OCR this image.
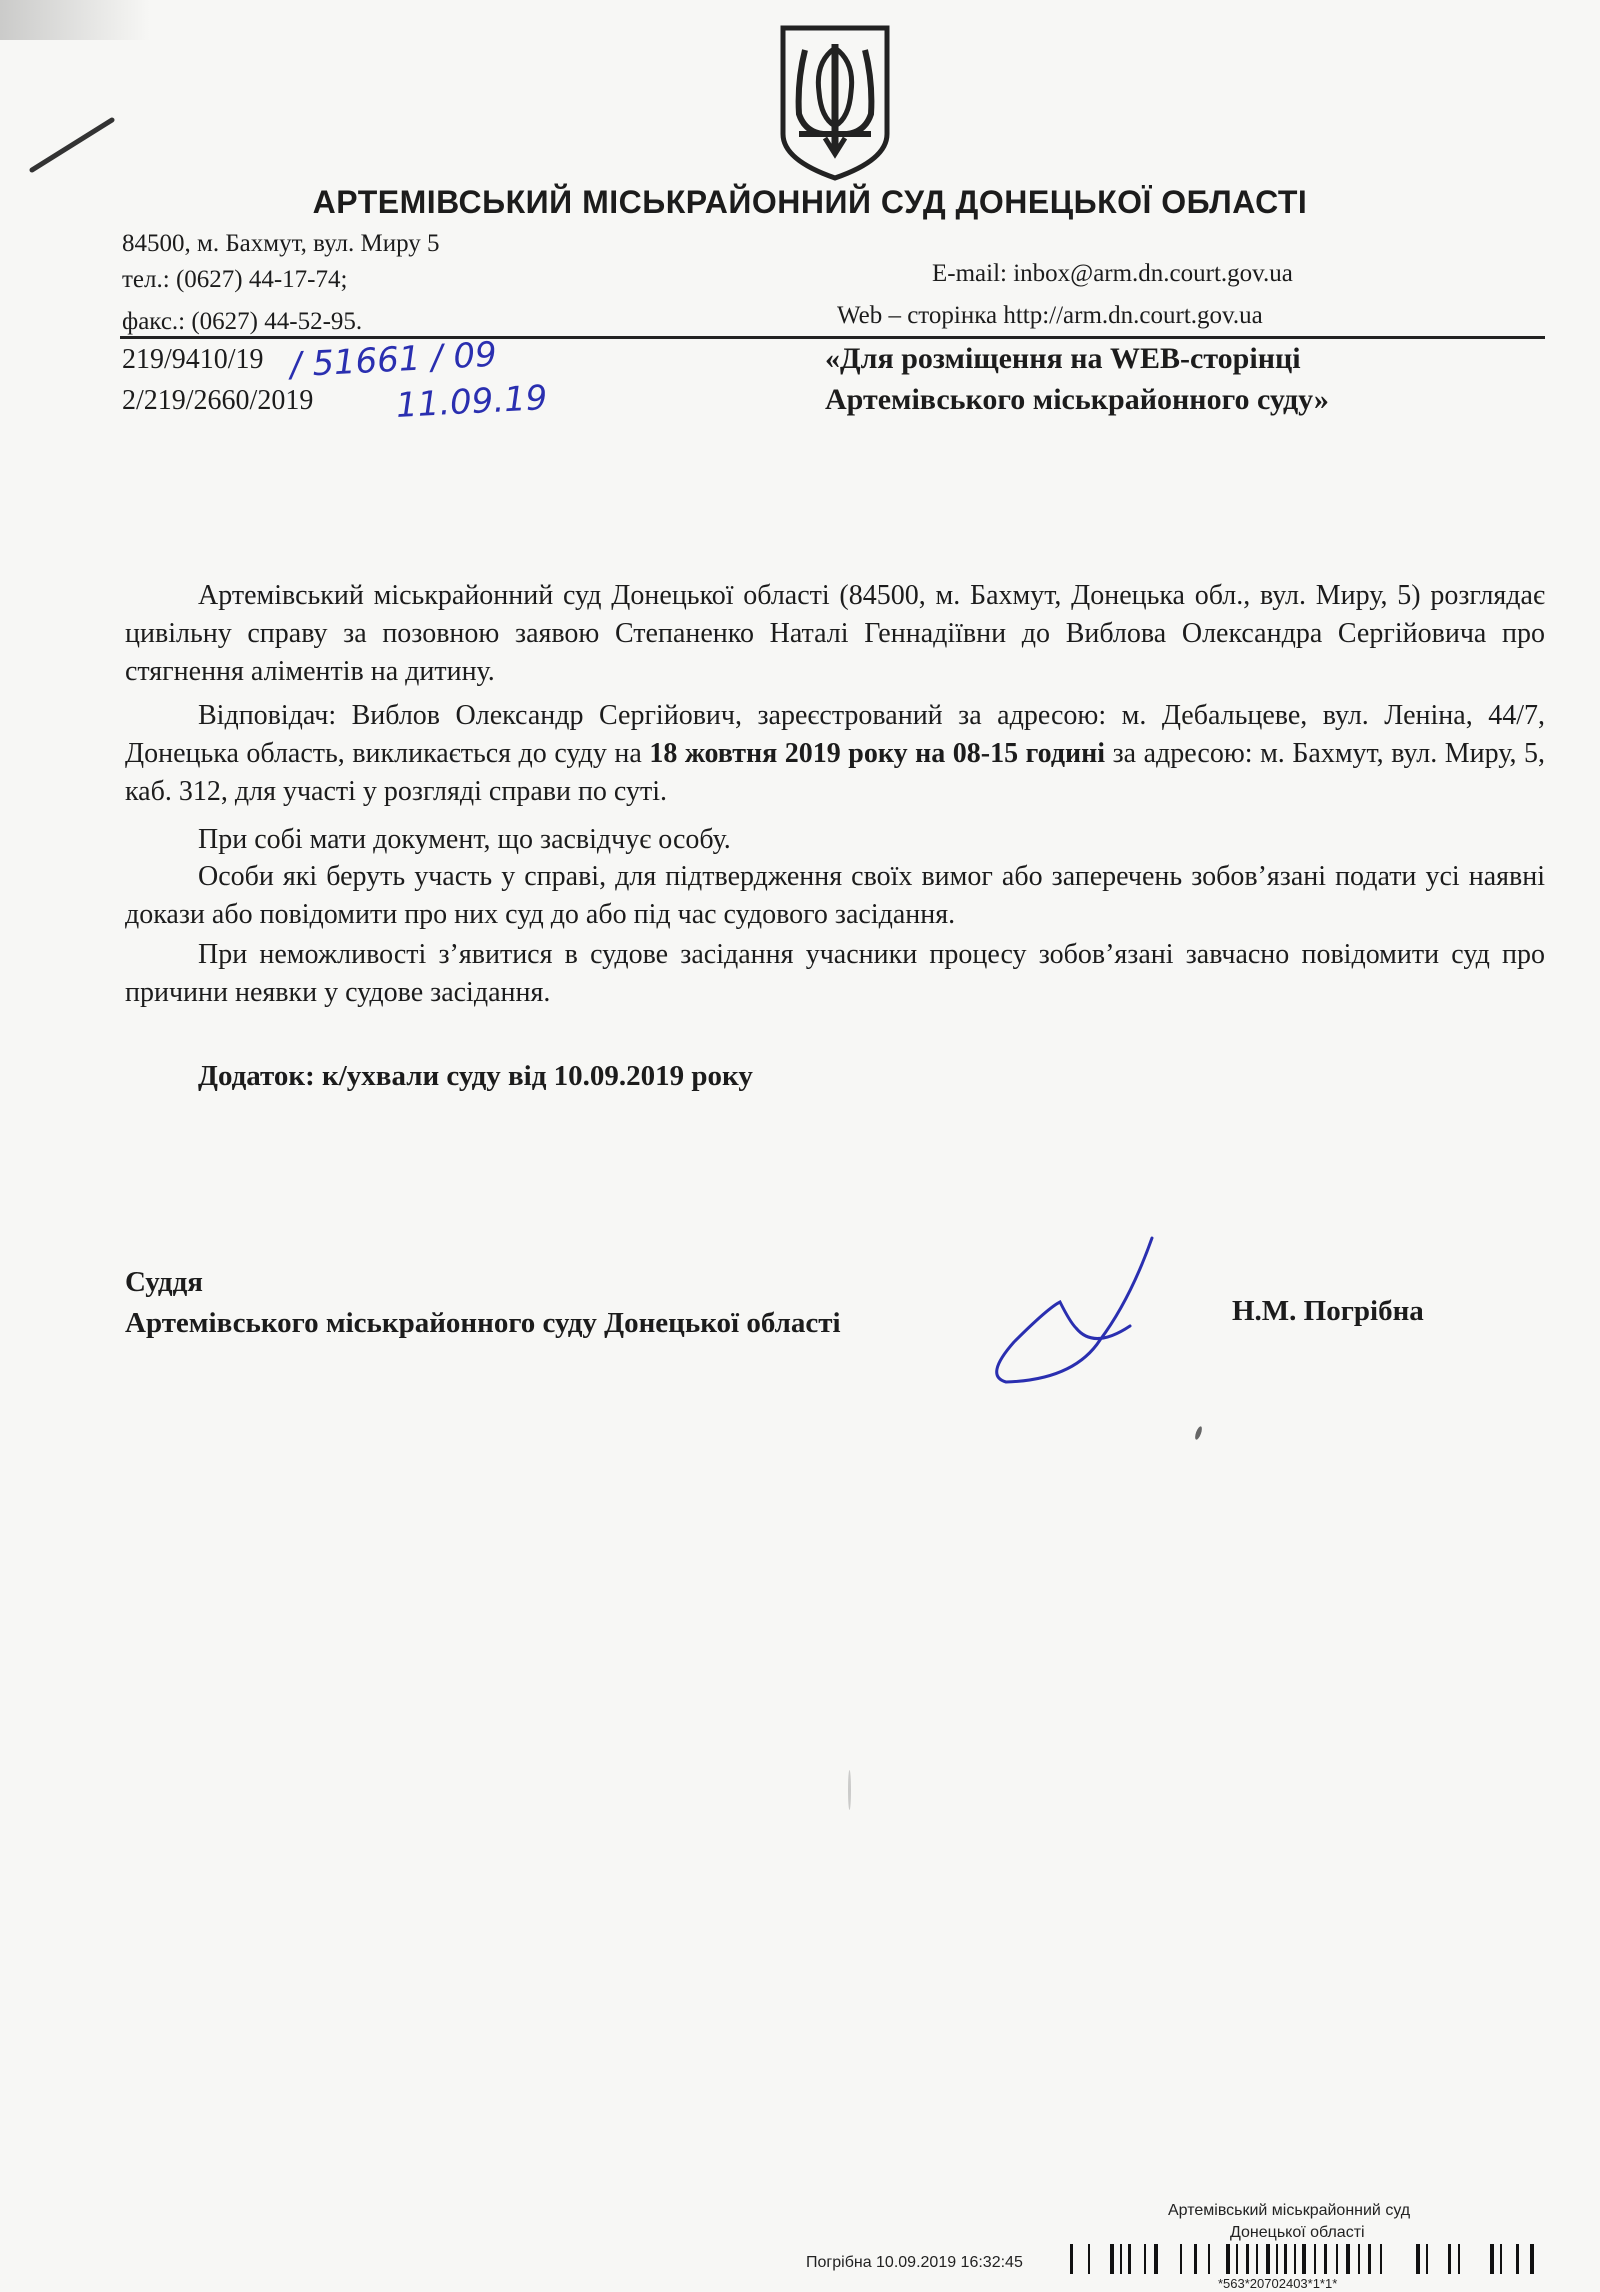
АРТЕМІВСЬКИЙ МІСЬКРАЙОННИЙ СУД ДОНЕЦЬКОЇ ОБЛАСТІ
84500, м. Бахмут, вул. Миру 5
тел.: (0627) 44-17-74;
факс.: (0627) 44-52-95.
E-mail: inbox@arm.dn.court.gov.ua
Web – сторінка http://arm.dn.court.gov.ua
219/9410/19
2/219/2660/2019
/ 51661 / 09
11.09.19
«Для розміщення на WEB-сторінці
Артемівського міськрайонного суду»
Артемівський міськрайонний суд Донецької області (84500, м. Бахмут, Донецька обл., вул. Миру, 5) розглядає цивільну справу за позовною заявою Степаненко Наталі Геннадіївни до Виблова Олександра Сергійовича про стягнення аліментів на дитину.
Відповідач: Виблов Олександр Сергійович, зареєстрований за адресою: м. Дебальцеве, вул. Леніна, 44/7, Донецька область, викликається до суду на 18 жовтня 2019 року на 08-15 годині за адресою: м. Бахмут, вул. Миру, 5, каб. 312, для участі у розгляді справи по суті.
При собі мати документ, що засвідчує особу.
Особи які беруть участь у справі, для підтвердження своїх вимог або заперечень зобов’язані подати усі наявні докази або повідомити про них суд до або під час судового засідання.
При неможливості з’явитися в судове засідання учасники процесу зобов’язані завчасно повідомити суд про причини неявки у судове засідання.
Додаток: к/ухвали суду від 10.09.2019 року
Суддя
Артемівського міськрайонного суду Донецької області	Н.М. Погрібна
Артемівський міськрайонний суд
Донецької області
Погрібна 10.09.2019 16:32:45
*563*20702403*1*1*
